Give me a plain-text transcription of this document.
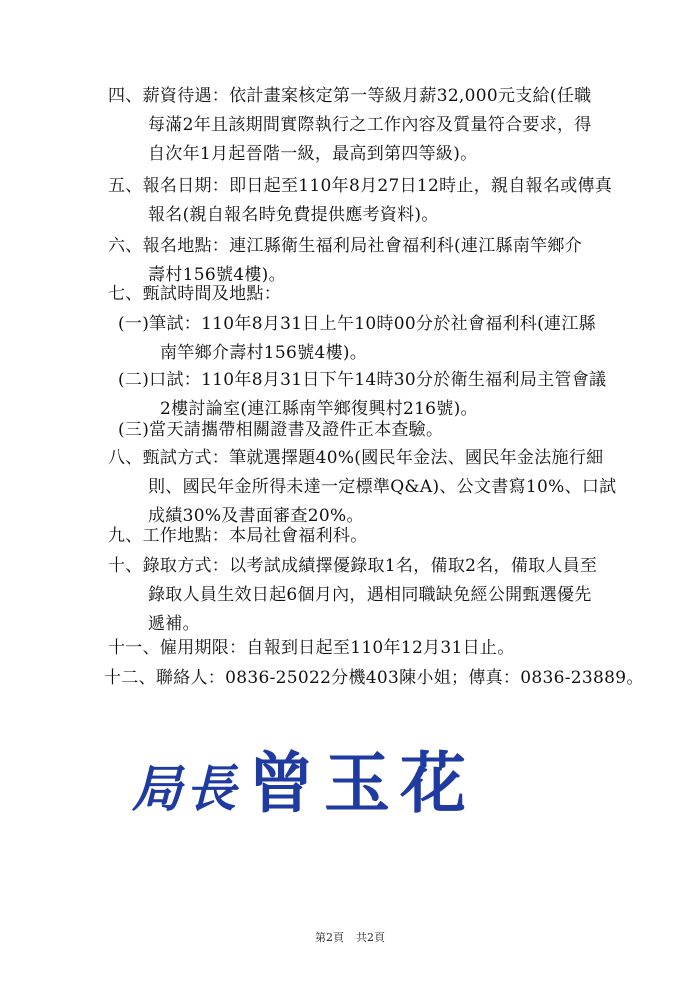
四、薪資待遇：依計畫案核定第一等級月薪32,000元支給(任職
每滿2年且該期間實際執行之工作內容及質量符合要求，得
自次年1月起晉階一級，最高到第四等級)。
五、報名日期：即日起至110年8月27日12時止，親自報名或傳真
報名(親自報名時免費提供應考資料)。
六、報名地點：連江縣衛生福利局社會福利科(連江縣南竿鄉介
壽村156號4樓)。
七、甄試時間及地點：
(一)筆試：110年8月31日上午10時00分於社會福利科(連江縣
南竿鄉介壽村156號4樓)。
(二)口試：110年8月31日下午14時30分於衛生福利局主管會議
2樓討論室(連江縣南竿鄉復興村216號)。
(三)當天請攜帶相關證書及證件正本查驗。
八、甄試方式：筆就選擇題40%(國民年金法、國民年金法施行細
則、國民年金所得未達一定標準Q&A)、公文書寫10%、口試
成績30%及書面審查20%。
九、工作地點：本局社會福利科。
十、錄取方式：以考試成績擇優錄取1名，備取2名，備取人員至
錄取人員生效日起6個月內，遇相同職缺免經公開甄選優先
遞補。
十一、僱用期限：自報到日起至110年12月31日止。
十二、聯絡人：0836-25022分機403陳小姐；傳真：0836-23889。
局長 曾玉花
第2頁 共2頁
